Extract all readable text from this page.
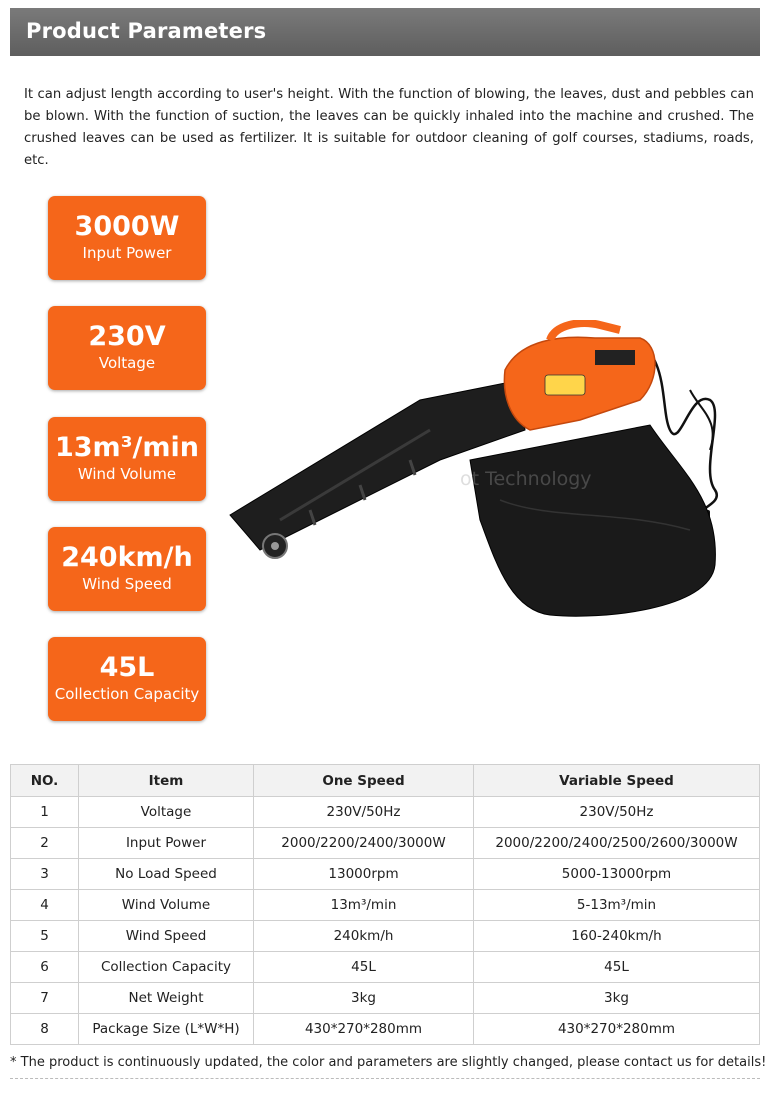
Product Parameters

It can adjust length according to user's height. With the function of blowing, the leaves, dust and pebbles can be blown. With the function of suction, the leaves can be quickly inhaled into the machine and crushed. The crushed leaves can be used as fertilizer. It is suitable for outdoor cleaning of golf courses, stadiums, roads, etc.

3000W
Input Power
230V
Voltage
13m³/min
Wind Volume
240km/h
Wind Speed
45L
Collection Capacity
ot Technology
NO.	Item	One Speed	Variable Speed
1	Voltage	230V/50Hz	230V/50Hz
2	Input Power	2000/2200/2400/3000W	2000/2200/2400/2500/2600/3000W
3	No Load Speed	13000rpm	5000-13000rpm
4	Wind Volume	13m³/min	5-13m³/min
5	Wind Speed	240km/h	160-240km/h
6	Collection Capacity	45L	45L
7	Net Weight	3kg	3kg
8	Package Size (L*W*H)	430*270*280mm	430*270*280mm
* The product is continuously updated, the color and parameters are slightly changed, please contact us for details!
